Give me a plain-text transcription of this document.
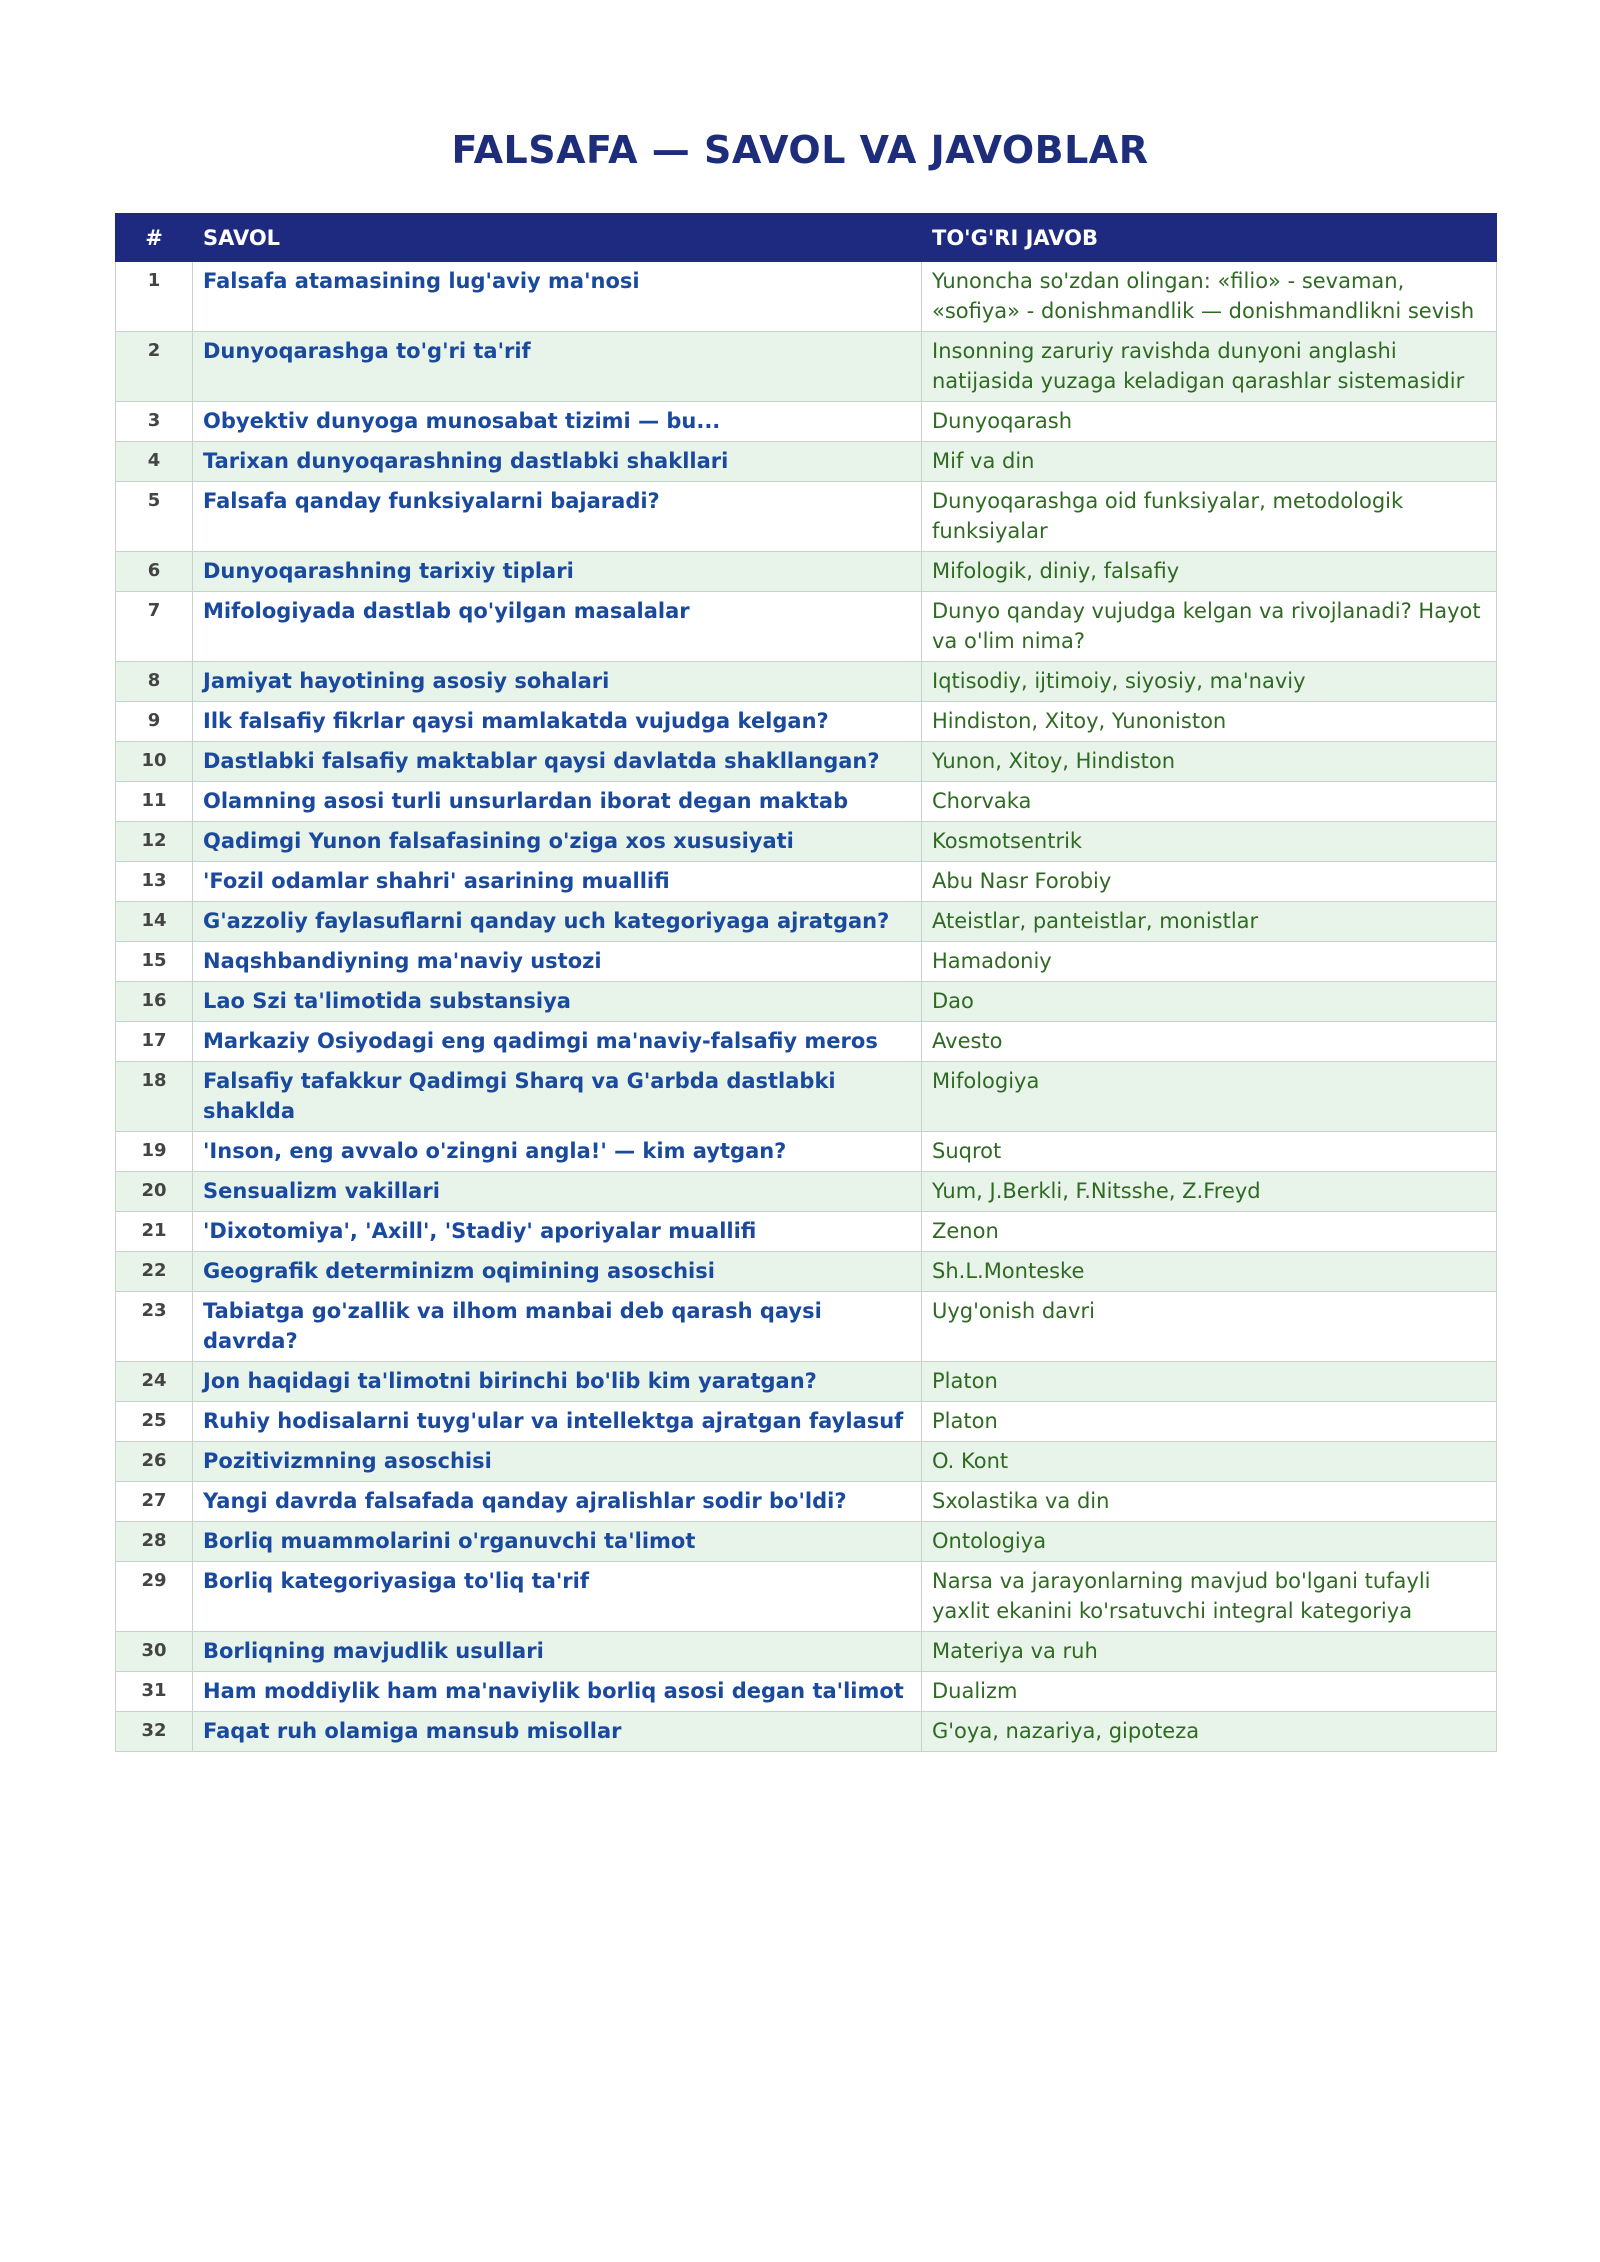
FALSAFA — SAVOL VA JAVOBLAR
#	SAVOL	TO'G'RI JAVOB
1	Falsafa atamasining lug'aviy ma'nosi	Yunoncha so'zdan olingan: «filio» - sevaman, «sofiya» - donishmandlik — donishmandlikni sevish
2	Dunyoqarashga to'g'ri ta'rif	Insonning zaruriy ravishda dunyoni anglashi natijasida yuzaga keladigan qarashlar sistemasidir
3	Obyektiv dunyoga munosabat tizimi — bu...	Dunyoqarash
4	Tarixan dunyoqarashning dastlabki shakllari	Mif va din
5	Falsafa qanday funksiyalarni bajaradi?	Dunyoqarashga oid funksiyalar, metodologik funksiyalar
6	Dunyoqarashning tarixiy tiplari	Mifologik, diniy, falsafiy
7	Mifologiyada dastlab qo'yilgan masalalar	Dunyo qanday vujudga kelgan va rivojlanadi? Hayot va o'lim nima?
8	Jamiyat hayotining asosiy sohalari	Iqtisodiy, ijtimoiy, siyosiy, ma'naviy
9	Ilk falsafiy fikrlar qaysi mamlakatda vujudga kelgan?	Hindiston, Xitoy, Yunoniston
10	Dastlabki falsafiy maktablar qaysi davlatda shakllangan?	Yunon, Xitoy, Hindiston
11	Olamning asosi turli unsurlardan iborat degan maktab	Chorvaka
12	Qadimgi Yunon falsafasining o'ziga xos xususiyati	Kosmotsentrik
13	'Fozil odamlar shahri' asarining muallifi	Abu Nasr Forobiy
14	G'azzoliy faylasuflarni qanday uch kategoriyaga ajratgan?	Ateistlar, panteistlar, monistlar
15	Naqshbandiyning ma'naviy ustozi	Hamadoniy
16	Lao Szi ta'limotida substansiya	Dao
17	Markaziy Osiyodagi eng qadimgi ma'naviy-falsafiy meros	Avesto
18	Falsafiy tafakkur Qadimgi Sharq va G'arbda dastlabki shaklda	Mifologiya
19	'Inson, eng avvalo o'zingni angla!' — kim aytgan?	Suqrot
20	Sensualizm vakillari	Yum, J.Berkli, F.Nitsshe, Z.Freyd
21	'Dixotomiya', 'Axill', 'Stadiy' aporiyalar muallifi	Zenon
22	Geografik determinizm oqimining asoschisi	Sh.L.Monteske
23	Tabiatga go'zallik va ilhom manbai deb qarash qaysi davrda?	Uyg'onish davri
24	Jon haqidagi ta'limotni birinchi bo'lib kim yaratgan?	Platon
25	Ruhiy hodisalarni tuyg'ular va intellektga ajratgan faylasuf	Platon
26	Pozitivizmning asoschisi	O. Kont
27	Yangi davrda falsafada qanday ajralishlar sodir bo'ldi?	Sxolastika va din
28	Borliq muammolarini o'rganuvchi ta'limot	Ontologiya
29	Borliq kategoriyasiga to'liq ta'rif	Narsa va jarayonlarning mavjud bo'lgani tufayli yaxlit ekanini ko'rsatuvchi integral kategoriya
30	Borliqning mavjudlik usullari	Materiya va ruh
31	Ham moddiylik ham ma'naviylik borliq asosi degan ta'limot	Dualizm
32	Faqat ruh olamiga mansub misollar	G'oya, nazariya, gipoteza
